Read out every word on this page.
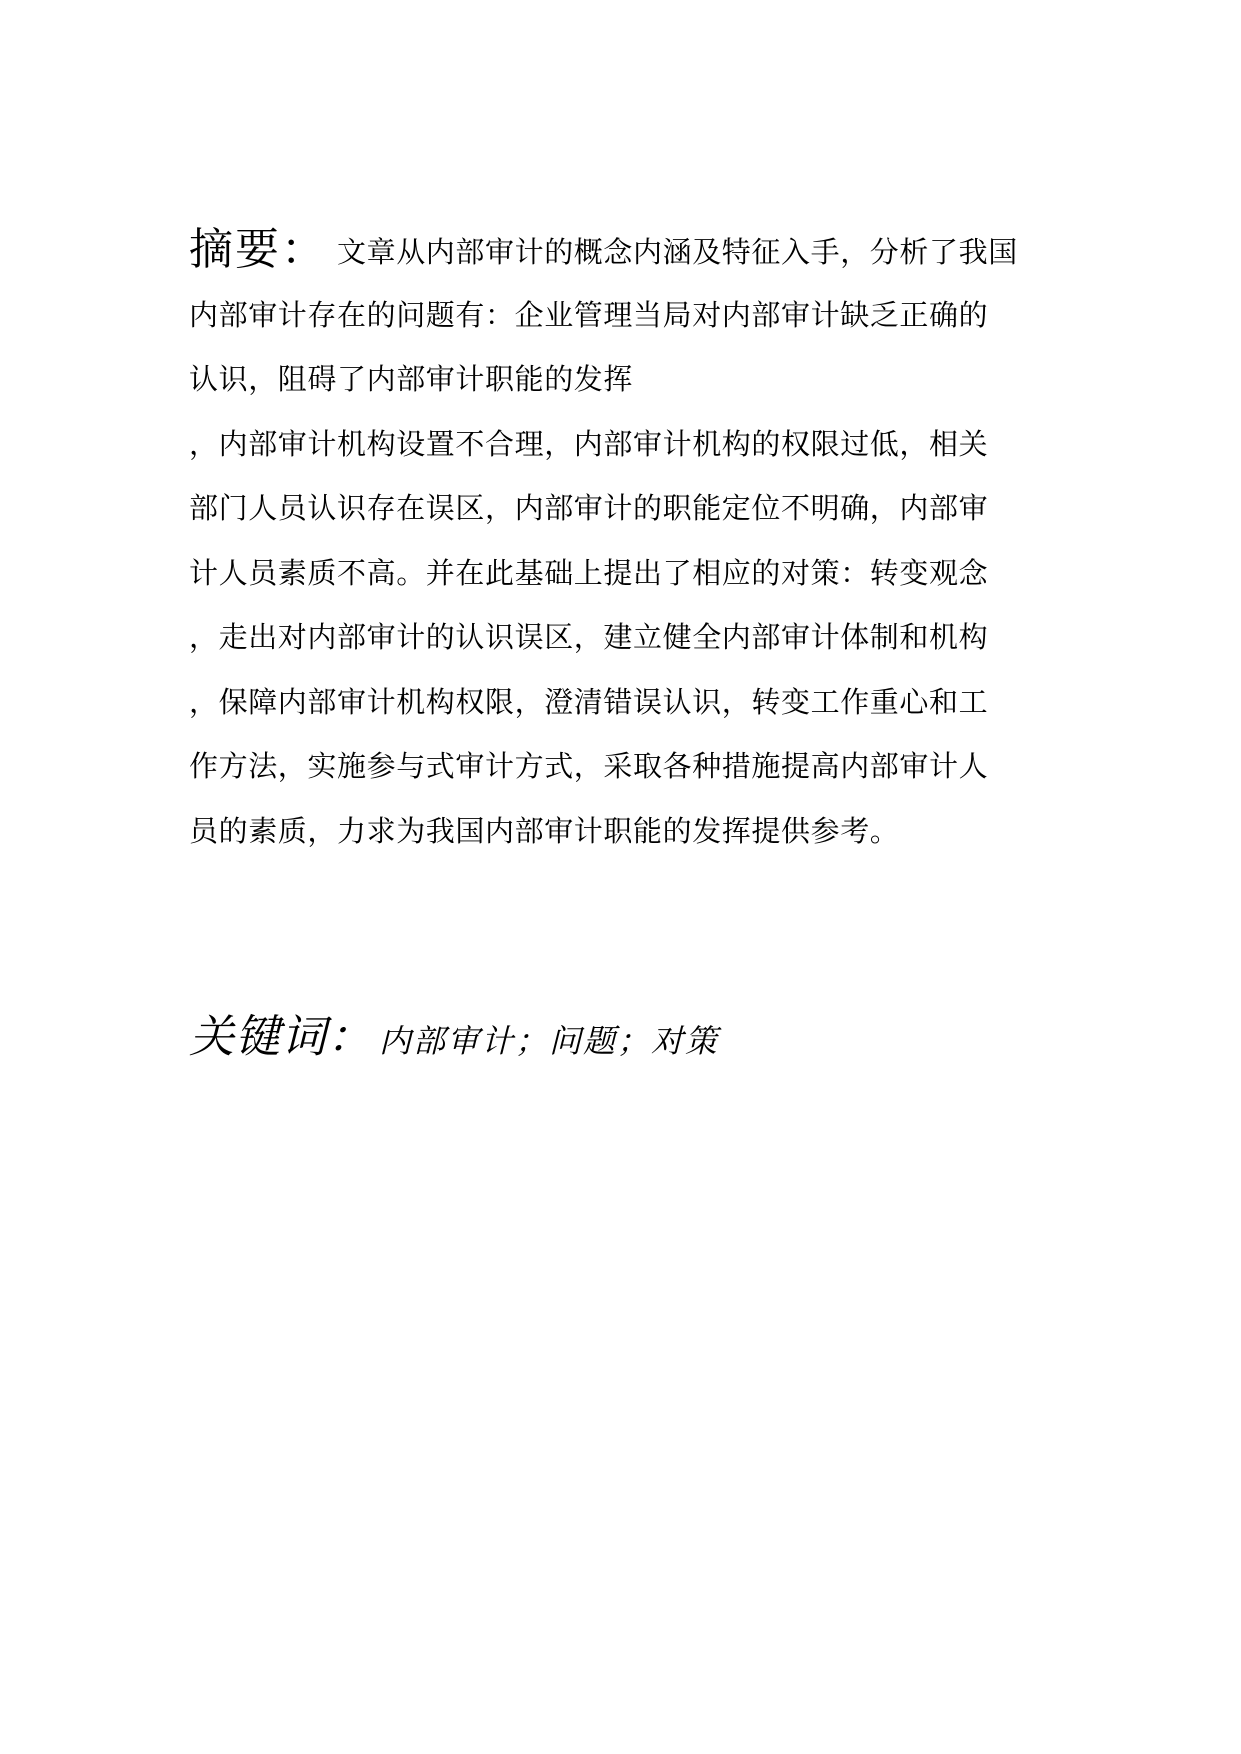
摘要： 文章从内部审计的概念内涵及特征入手，分析了我国
内部审计存在的问题有：企业管理当局对内部审计缺乏正确的
认识，阻碍了内部审计职能的发挥
，内部审计机构设置不合理，内部审计机构的权限过低，相关
部门人员认识存在误区，内部审计的职能定位不明确，内部审
计人员素质不高。并在此基础上提出了相应的对策：转变观念
，走出对内部审计的认识误区，建立健全内部审计体制和机构
，保障内部审计机构权限，澄清错误认识，转变工作重心和工
作方法，实施参与式审计方式，采取各种措施提高内部审计人
员的素质，力求为我国内部审计职能的发挥提供参考。
关键词： 内部审计；问题；对策
